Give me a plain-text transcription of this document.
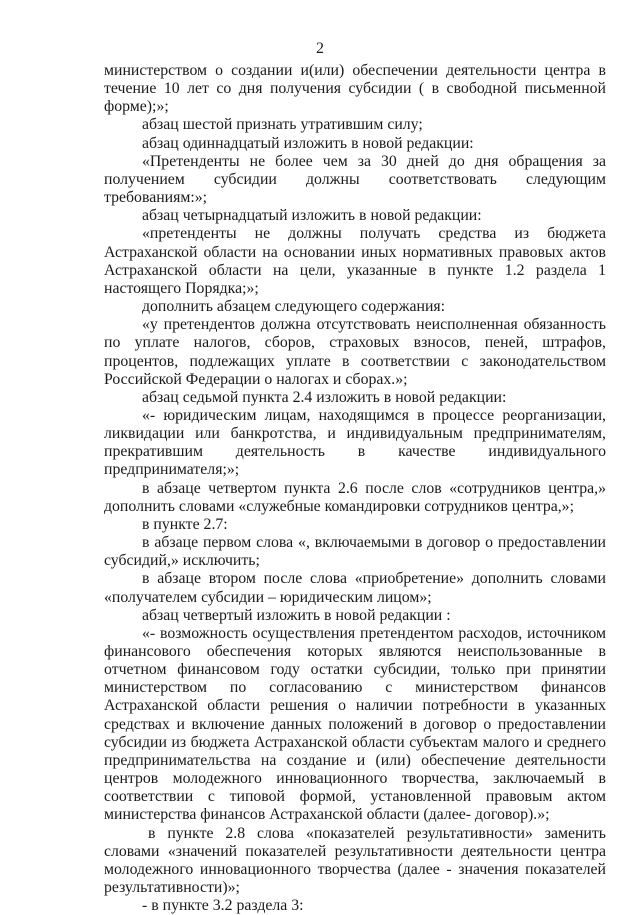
2

министерством о создании и(или) обеспечении деятельности центра в течение 10 лет со дня получения субсидии ( в свободной письменной форме);»;

абзац шестой признать утратившим силу;

абзац одиннадцатый изложить в новой редакции:

«Претенденты не более чем за 30 дней до дня обращения за получением субсидии должны соответствовать следующим требованиям:»;

абзац четырнадцатый изложить в новой редакции:

«претенденты не должны получать средства из бюджета Астраханской области на основании иных нормативных правовых актов Астраханской области на цели, указанные в пункте 1.2 раздела 1 настоящего Порядка;»;

дополнить абзацем следующего содержания:

«у претендентов должна отсутствовать неисполненная обязанность по уплате налогов, сборов, страховых взносов, пеней, штрафов, процентов, подлежащих уплате в соответствии с законодательством Российской Федерации о налогах и сборах.»;

абзац седьмой пункта 2.4 изложить в новой редакции:

«- юридическим лицам, находящимся в процессе реорганизации, ликвидации или банкротства, и индивидуальным предпринимателям, прекратившим деятельность в качестве индивидуального предпринимателя;»;

в абзаце четвертом пункта 2.6 после слов «сотрудников центра,» дополнить словами «служебные командировки сотрудников центра,»;

в пункте 2.7:

в абзаце первом слова «, включаемыми в договор о предоставлении субсидий,» исключить;

в абзаце втором после слова «приобретение» дополнить словами «получателем субсидии – юридическим лицом»;

абзац четвертый изложить в новой редакции :

«- возможность осуществления претендентом расходов, источником финансового обеспечения которых являются неиспользованные в отчетном финансовом году остатки субсидии, только при принятии министерством по согласованию с министерством финансов Астраханской области решения о наличии потребности в указанных средствах и включение данных положений в договор о предоставлении субсидии из бюджета Астраханской области субъектам малого и среднего предпринимательства на создание и (или) обеспечение деятельности центров молодежного инновационного творчества, заключаемый в соответствии с типовой формой, установленной правовым актом министерства финансов Астраханской области (далее- договор).»;

в пункте 2.8 слова «показателей результативности» заменить словами «значений показателей результативности деятельности центра молодежного инновационного творчества (далее - значения показателей результативности)»;

- в пункте 3.2 раздела 3:
